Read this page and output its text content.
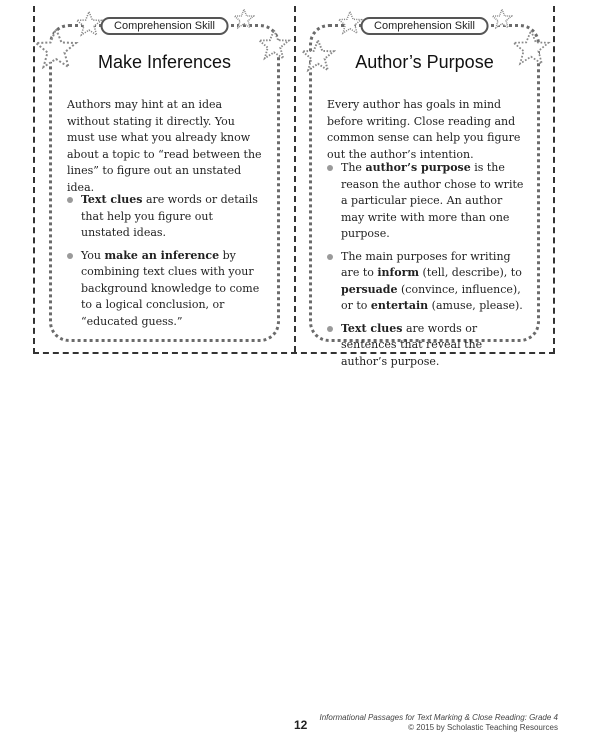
Comprehension Skill
Make Inferences

Authors may hint at an idea without stating it directly. You must use what you already know about a topic to “read between the lines” to figure out an unstated idea.

Text clues are words or details that help you figure out unstated ideas.
You make an inference by combining text clues with your background knowledge to come to a logical conclusion, or “educated guess.”
Comprehension Skill
Author’s Purpose

Every author has goals in mind before writing. Close reading and common sense can help you figure out the author’s intention.

The author’s purpose is the reason the author chose to write a particular piece. An author may write with more than one purpose.
The main purposes for writing are to inform (tell, describe), to persuade (convince, influence), or to entertain (amuse, please).
Text clues are words or sentences that reveal the author’s purpose.
12
Informational Passages for Text Marking & Close Reading: Grade 4
© 2015 by Scholastic Teaching Resources
